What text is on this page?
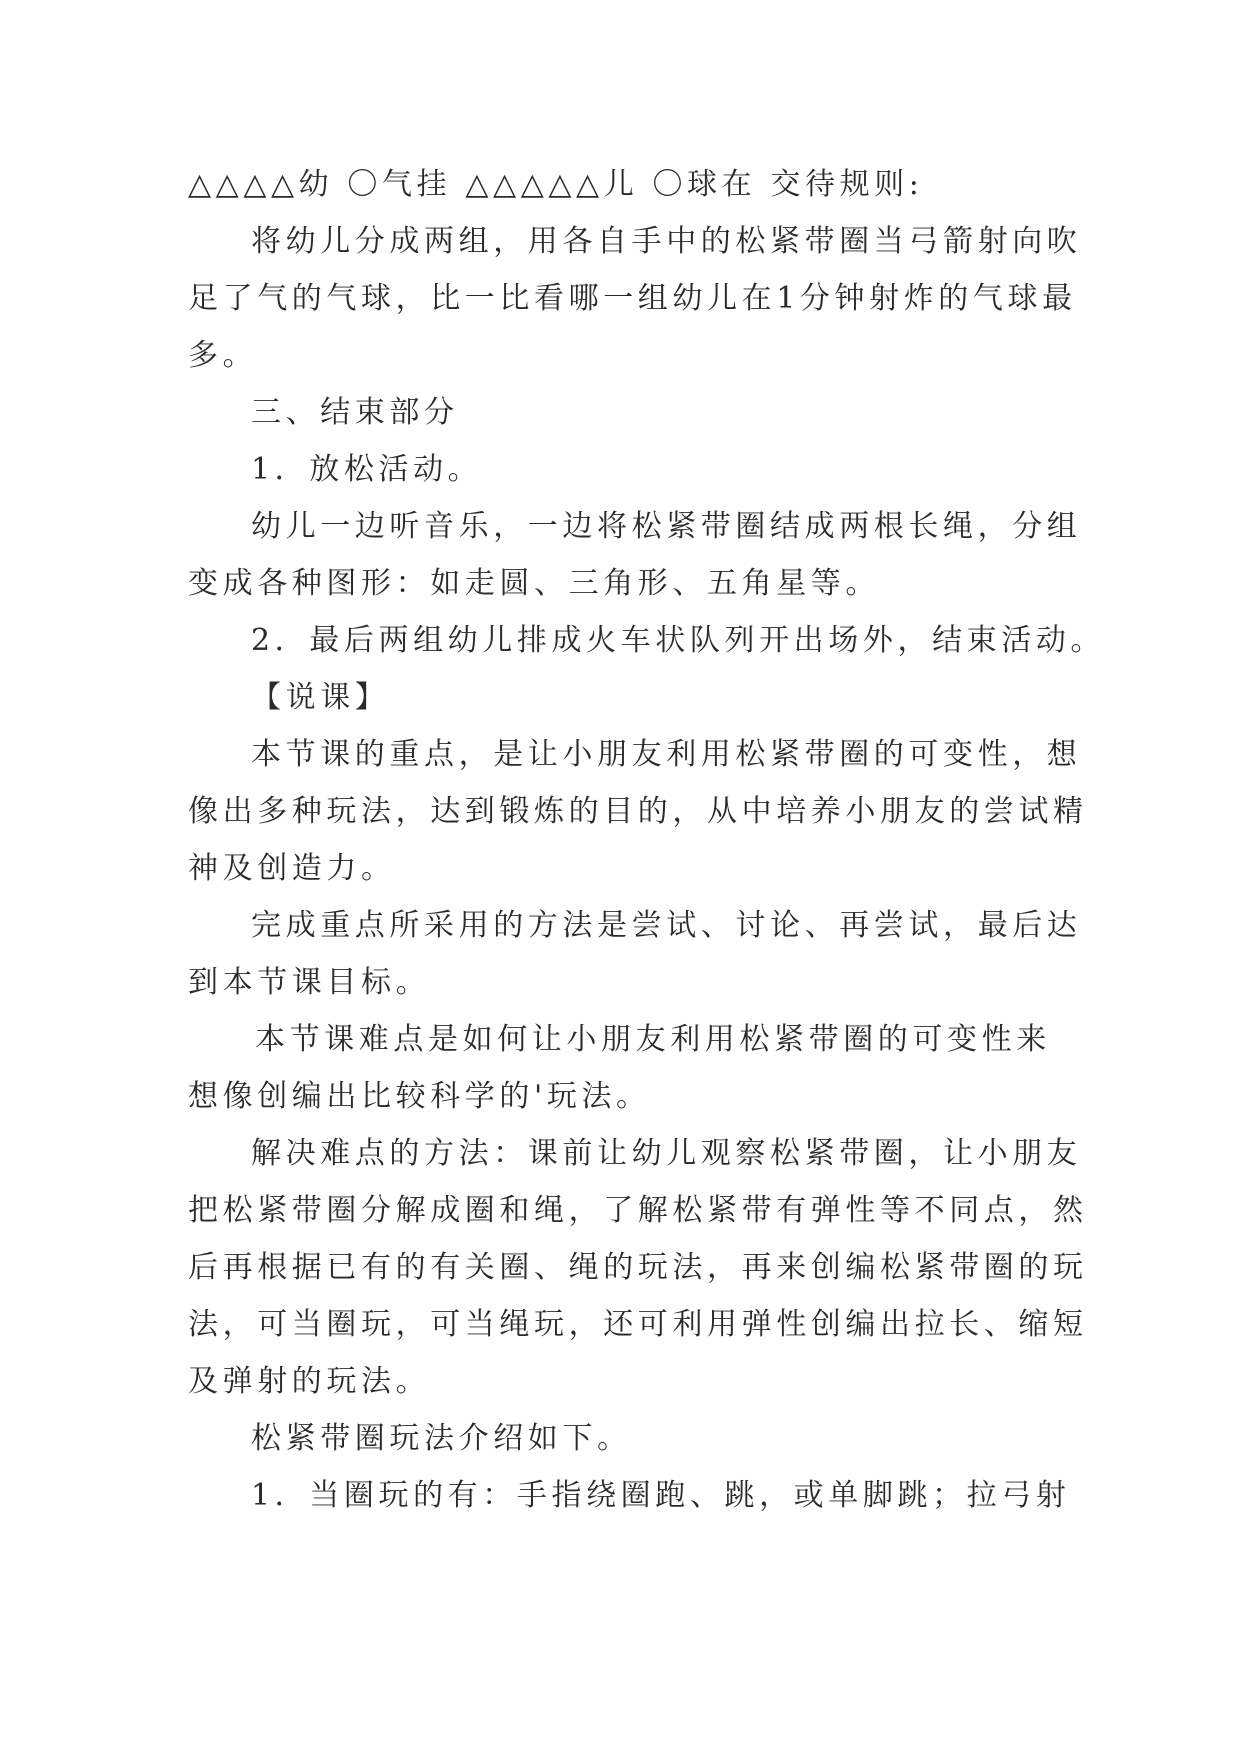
△△△△幼 〇气挂 △△△△△儿 〇球在 交待规则:
将幼儿分成两组，用各自手中的松紧带圈当弓箭射向吹
足了气的气球，比一比看哪一组幼儿在1分钟射炸的气球最
多。
三、结束部分
1．放松活动。
幼儿一边听音乐，一边将松紧带圈结成两根长绳，分组
变成各种图形：如走圆、三角形、五角星等。
2．最后两组幼儿排成火车状队列开出场外，结束活动。
【说课】
本节课的重点，是让小朋友利用松紧带圈的可变性，想
像出多种玩法，达到锻炼的目的，从中培养小朋友的尝试精
神及创造力。
完成重点所采用的方法是尝试、讨论、再尝试，最后达
到本节课目标。
本节课难点是如何让小朋友利用松紧带圈的可变性来
想像创编出比较科学的'玩法。
解决难点的方法：课前让幼儿观察松紧带圈，让小朋友
把松紧带圈分解成圈和绳，了解松紧带有弹性等不同点，然
后再根据已有的有关圈、绳的玩法，再来创编松紧带圈的玩
法，可当圈玩，可当绳玩，还可利用弹性创编出拉长、缩短
及弹射的玩法。
松紧带圈玩法介绍如下。
1．当圈玩的有：手指绕圈跑、跳，或单脚跳；拉弓射
